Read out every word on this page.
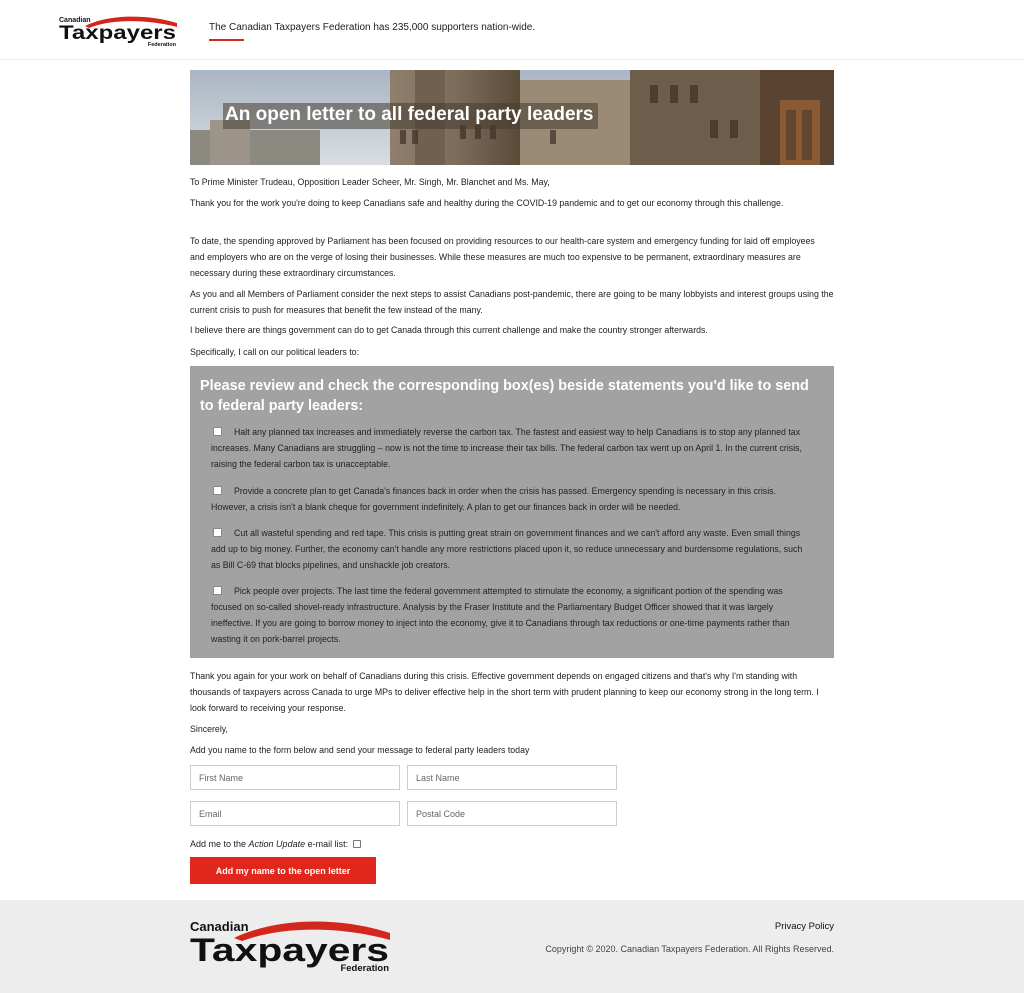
Canadian
Taxpayers
Federation
The Canadian Taxpayers Federation has 235,000 supporters nation-wide.
An open letter to all federal party leaders
To Prime Minister Trudeau, Opposition Leader Scheer, Mr. Singh, Mr. Blanchet and Ms. May,
Thank you for the work you're doing to keep Canadians safe and healthy during the COVID-19 pandemic and to get our economy through this challenge.
To date, the spending approved by Parliament has been focused on providing resources to our health-care system and emergency funding for laid off employees and employers who are on the verge of losing their businesses. While these measures are much too expensive to be permanent, extraordinary measures are necessary during these extraordinary circumstances.
As you and all Members of Parliament consider the next steps to assist Canadians post-pandemic, there are going to be many lobbyists and interest groups using the current crisis to push for measures that benefit the few instead of the many.
I believe there are things government can do to get Canada through this current challenge and make the country stronger afterwards.
Specifically, I call on our political leaders to:
Please review and check the corresponding box(es) beside statements you'd like to send to federal party leaders:
Halt any planned tax increases and immediately reverse the carbon tax. The fastest and easiest way to help Canadians is to stop any planned tax increases. Many Canadians are struggling – now is not the time to increase their tax bills. The federal carbon tax went up on April 1. In the current crisis, raising the federal carbon tax is unacceptable.
Provide a concrete plan to get Canada's finances back in order when the crisis has passed. Emergency spending is necessary in this crisis. However, a crisis isn't a blank cheque for government indefinitely. A plan to get our finances back in order will be needed.
Cut all wasteful spending and red tape. This crisis is putting great strain on government finances and we can't afford any waste. Even small things add up to big money. Further, the economy can't handle any more restrictions placed upon it, so reduce unnecessary and burdensome regulations, such as Bill C-69 that blocks pipelines, and unshackle job creators.
Pick people over projects. The last time the federal government attempted to stimulate the economy, a significant portion of the spending was focused on so-called shovel-ready infrastructure. Analysis by the Fraser Institute and the Parliamentary Budget Officer showed that it was largely ineffective. If you are going to borrow money to inject into the economy, give it to Canadians through tax reductions or one-time payments rather than wasting it on pork-barrel projects.
Thank you again for your work on behalf of Canadians during this crisis. Effective government depends on engaged citizens and that's why I'm standing with thousands of taxpayers across Canada to urge MPs to deliver effective help in the short term with prudent planning to keep our economy strong in the long term. I look forward to receiving your response.
Sincerely,
Add you name to the form below and send your message to federal party leaders today
First Name
Last Name
Email
Postal Code
Add me to the Action Update e-mail list:
Add my name to the open letter
Canadian
Taxpayers
Federation
Privacy Policy
Copyright © 2020. Canadian Taxpayers Federation. All Rights Reserved.
